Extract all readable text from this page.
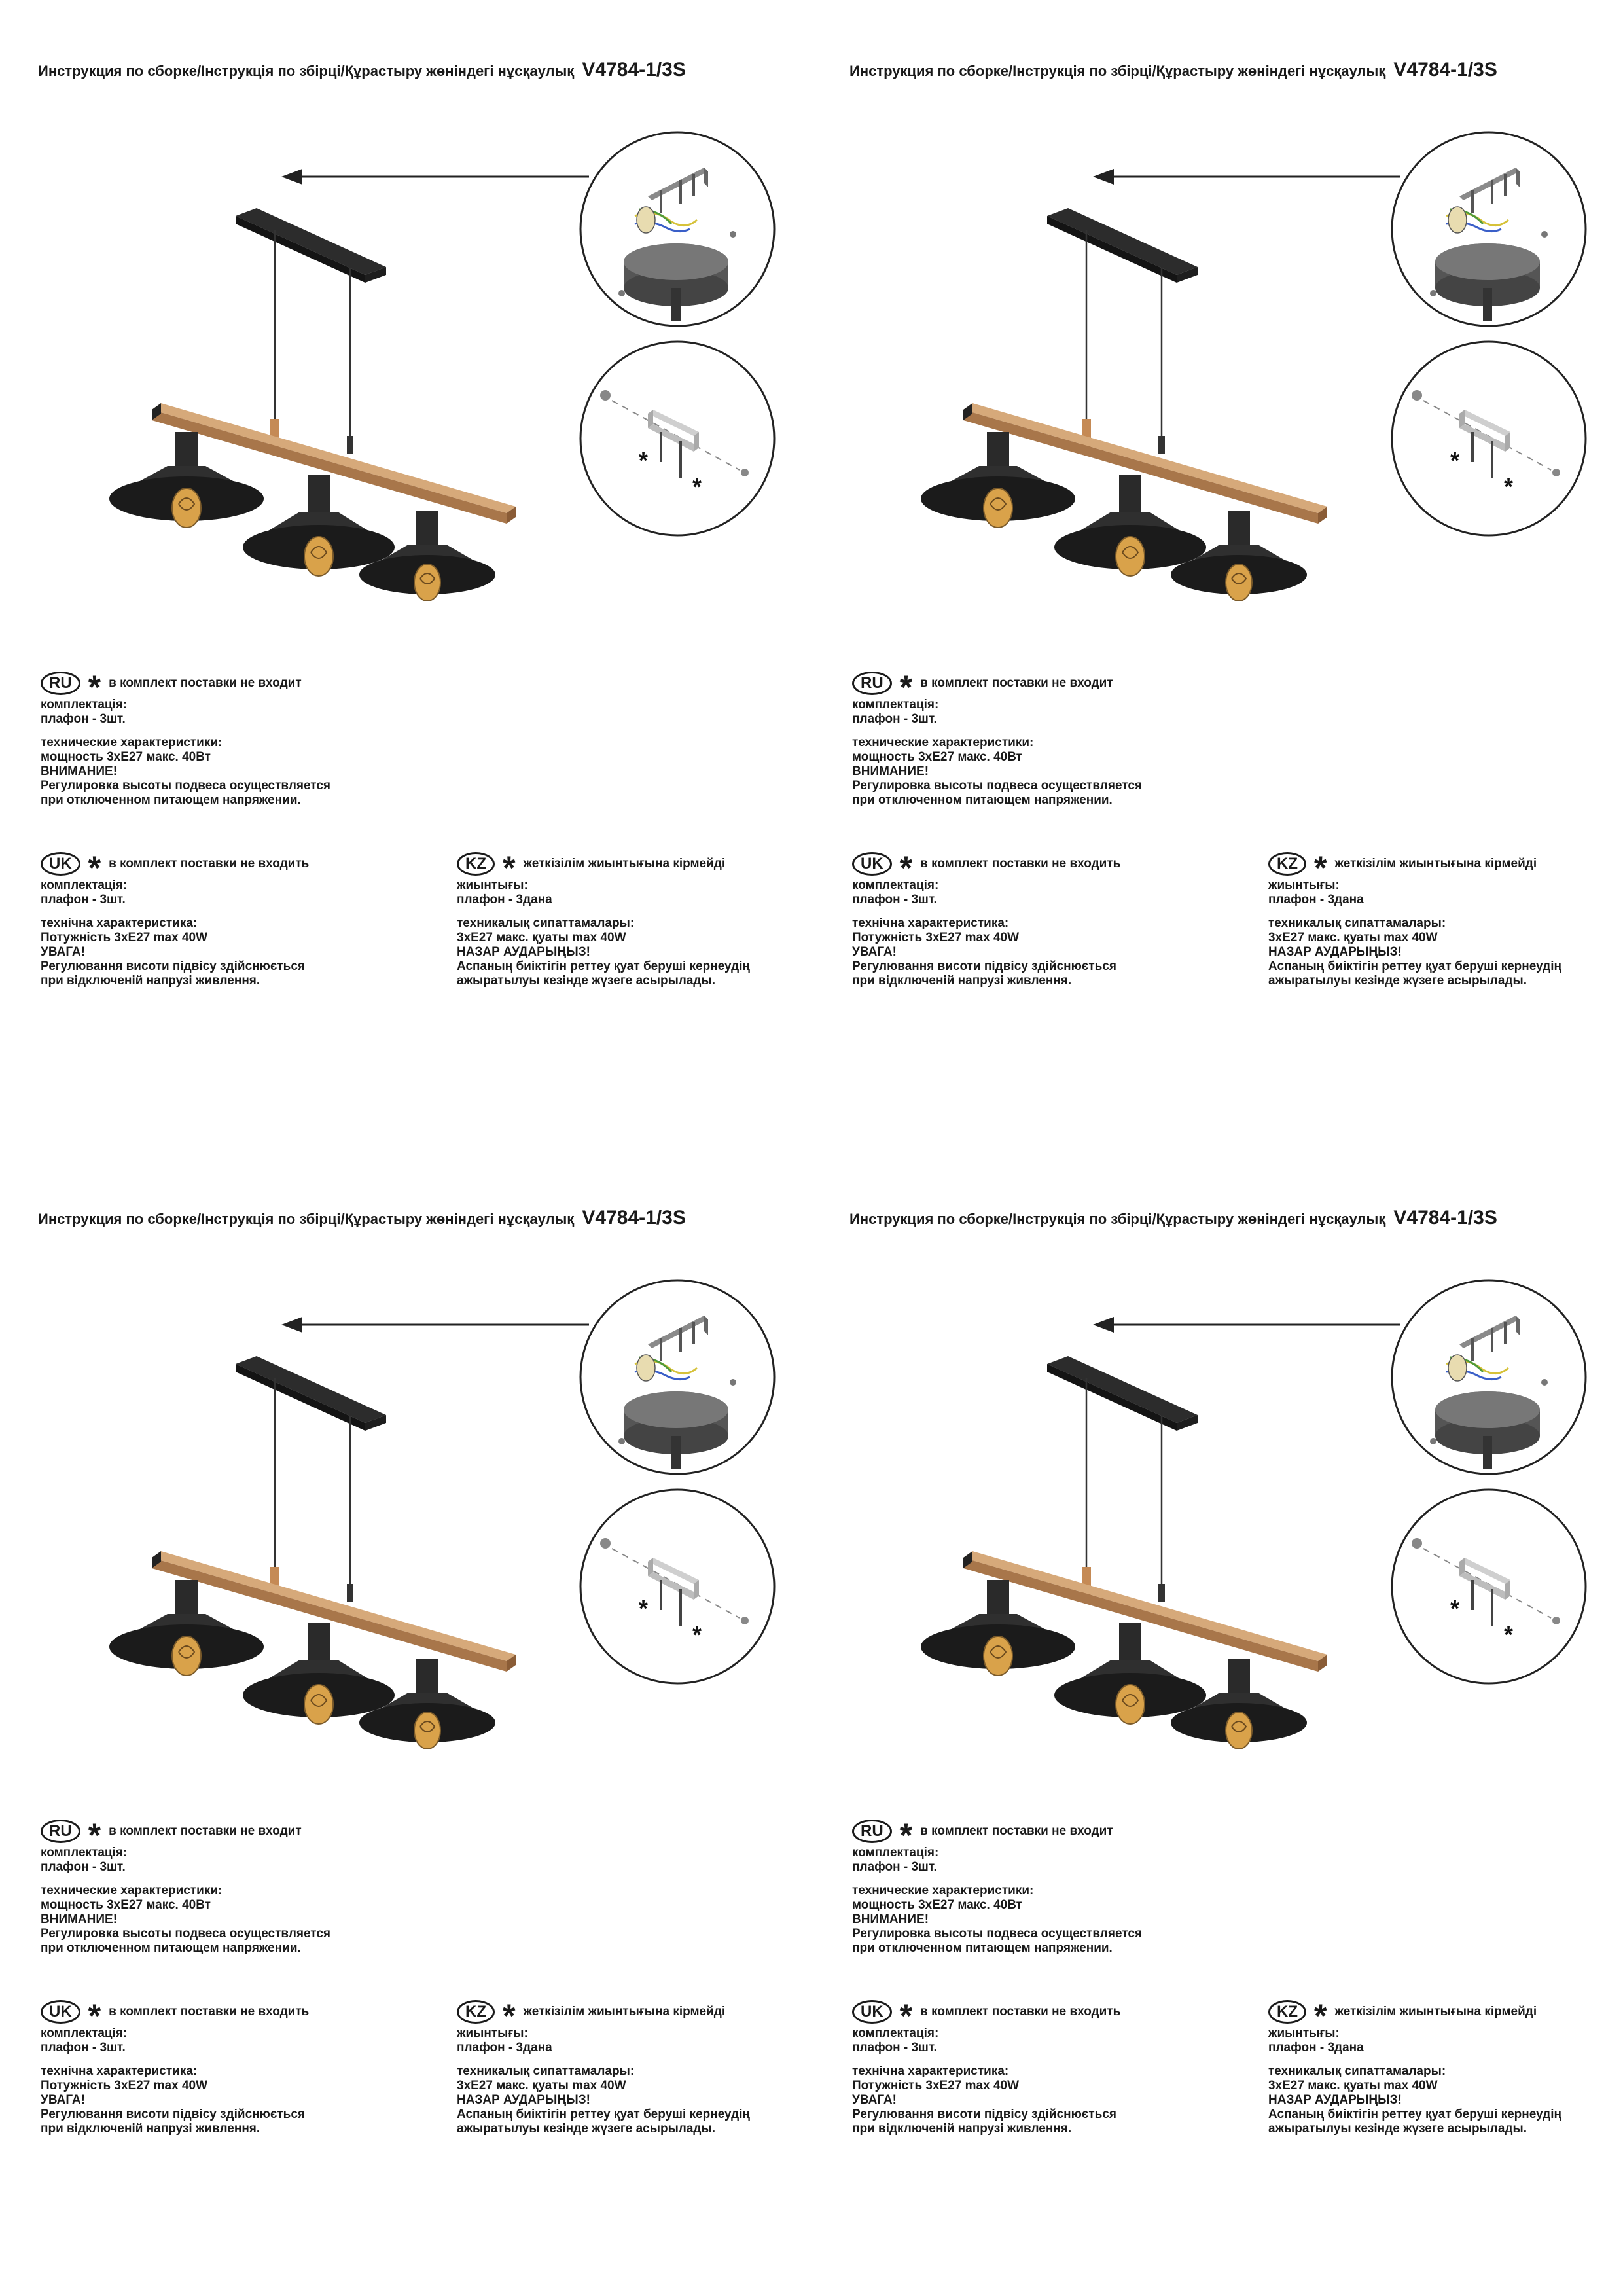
Инструкция по сборке/Інструкція по збірці/Құрастыру жөніндегі нұсқаулық V4784-1/3S
*
*
RU * в комплект поставки не входит
комплектація:
плафон - 3шт.
технические характеристики:
мощность 3хЕ27 макс. 40Вт
ВНИМАНИЕ!
Регулировка высоты подвеса осуществляется
при отключенном питающем напряжении.
UK * в комплект поставки не входить
комплектація:
плафон - 3шт.
технічна характеристика:
Потужність 3хЕ27 max 40W
УВАГА!
Регулювання висоти підвісу здійснюється
при відключеній напрузі живлення.
KZ * жеткізілім жиынтығына кірмейді
жиынтығы:
плафон - 3дана
техникалық сипаттамалары:
3хЕ27 макс. қуаты max 40W
НАЗАР АУДАРЫҢЫЗ!
Аспаның биіктігін реттеу қуат беруші кернеудің
ажыратылуы кезінде жүзеге асырылады.
Инструкция по сборке/Інструкція по збірці/Құрастыру жөніндегі нұсқаулық V4784-1/3S
*
*
RU * в комплект поставки не входит
комплектація:
плафон - 3шт.
технические характеристики:
мощность 3хЕ27 макс. 40Вт
ВНИМАНИЕ!
Регулировка высоты подвеса осуществляется
при отключенном питающем напряжении.
UK * в комплект поставки не входить
комплектація:
плафон - 3шт.
технічна характеристика:
Потужність 3хЕ27 max 40W
УВАГА!
Регулювання висоти підвісу здійснюється
при відключеній напрузі живлення.
KZ * жеткізілім жиынтығына кірмейді
жиынтығы:
плафон - 3дана
техникалық сипаттамалары:
3хЕ27 макс. қуаты max 40W
НАЗАР АУДАРЫҢЫЗ!
Аспаның биіктігін реттеу қуат беруші кернеудің
ажыратылуы кезінде жүзеге асырылады.
Инструкция по сборке/Інструкція по збірці/Құрастыру жөніндегі нұсқаулық V4784-1/3S
*
*
RU * в комплект поставки не входит
комплектація:
плафон - 3шт.
технические характеристики:
мощность 3хЕ27 макс. 40Вт
ВНИМАНИЕ!
Регулировка высоты подвеса осуществляется
при отключенном питающем напряжении.
UK * в комплект поставки не входить
комплектація:
плафон - 3шт.
технічна характеристика:
Потужність 3хЕ27 max 40W
УВАГА!
Регулювання висоти підвісу здійснюється
при відключеній напрузі живлення.
KZ * жеткізілім жиынтығына кірмейді
жиынтығы:
плафон - 3дана
техникалық сипаттамалары:
3хЕ27 макс. қуаты max 40W
НАЗАР АУДАРЫҢЫЗ!
Аспаның биіктігін реттеу қуат беруші кернеудің
ажыратылуы кезінде жүзеге асырылады.
Инструкция по сборке/Інструкція по збірці/Құрастыру жөніндегі нұсқаулық V4784-1/3S
*
*
RU * в комплект поставки не входит
комплектація:
плафон - 3шт.
технические характеристики:
мощность 3хЕ27 макс. 40Вт
ВНИМАНИЕ!
Регулировка высоты подвеса осуществляется
при отключенном питающем напряжении.
UK * в комплект поставки не входить
комплектація:
плафон - 3шт.
технічна характеристика:
Потужність 3хЕ27 max 40W
УВАГА!
Регулювання висоти підвісу здійснюється
при відключеній напрузі живлення.
KZ * жеткізілім жиынтығына кірмейді
жиынтығы:
плафон - 3дана
техникалық сипаттамалары:
3хЕ27 макс. қуаты max 40W
НАЗАР АУДАРЫҢЫЗ!
Аспаның биіктігін реттеу қуат беруші кернеудің
ажыратылуы кезінде жүзеге асырылады.
